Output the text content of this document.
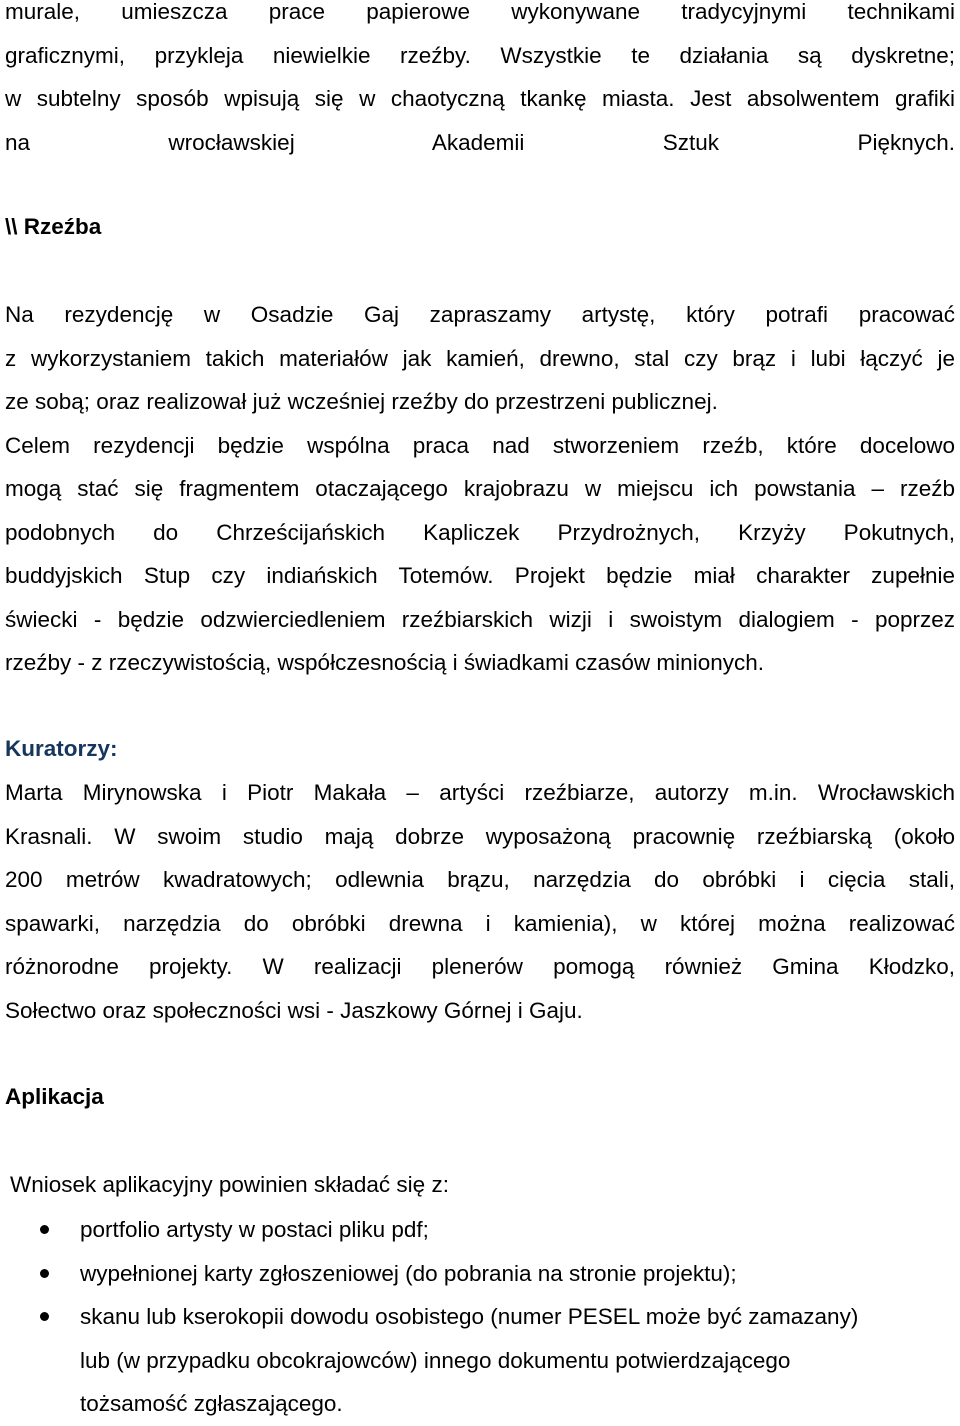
murale, umieszcza prace papierowe wykonywane tradycyjnymi technikami
graficznymi, przykleja niewielkie rzeźby. Wszystkie te działania są dyskretne;
w subtelny sposób wpisują się w chaotyczną tkankę miasta. Jest absolwentem grafiki
na wrocławskiej Akademii Sztuk Pięknych.
\\ Rzeźba
Na rezydencję w Osadzie Gaj zapraszamy artystę, który potrafi pracować
z wykorzystaniem takich materiałów jak kamień, drewno, stal czy brąz i lubi łączyć je
ze sobą; oraz realizował już wcześniej rzeźby do przestrzeni publicznej.
Celem rezydencji będzie wspólna praca nad stworzeniem rzeźb, które docelowo
mogą stać się fragmentem otaczającego krajobrazu w miejscu ich powstania – rzeźb
podobnych do Chrześcijańskich Kapliczek Przydrożnych, Krzyży Pokutnych,
buddyjskich Stup czy indiańskich Totemów. Projekt będzie miał charakter zupełnie
świecki - będzie odzwierciedleniem rzeźbiarskich wizji i swoistym dialogiem - poprzez
rzeźby - z rzeczywistością, współczesnością i świadkami czasów minionych.
Kuratorzy:
Marta Mirynowska i Piotr Makała – artyści rzeźbiarze, autorzy m.in. Wrocławskich
Krasnali. W swoim studio mają dobrze wyposażoną pracownię rzeźbiarską (około
200 metrów kwadratowych; odlewnia brązu, narzędzia do obróbki i cięcia stali,
spawarki, narzędzia do obróbki drewna i kamienia), w której można realizować
różnorodne projekty. W realizacji plenerów pomogą również Gmina Kłodzko,
Sołectwo oraz społeczności wsi - Jaszkowy Górnej i Gaju.
Aplikacja
Wniosek aplikacyjny powinien składać się z:
portfolio artysty w postaci pliku pdf;
wypełnionej karty zgłoszeniowej (do pobrania na stronie projektu);
skanu lub kserokopii dowodu osobistego (numer PESEL może być zamazany)
lub (w przypadku obcokrajowców) innego dokumentu potwierdzającego
tożsamość zgłaszającego.
